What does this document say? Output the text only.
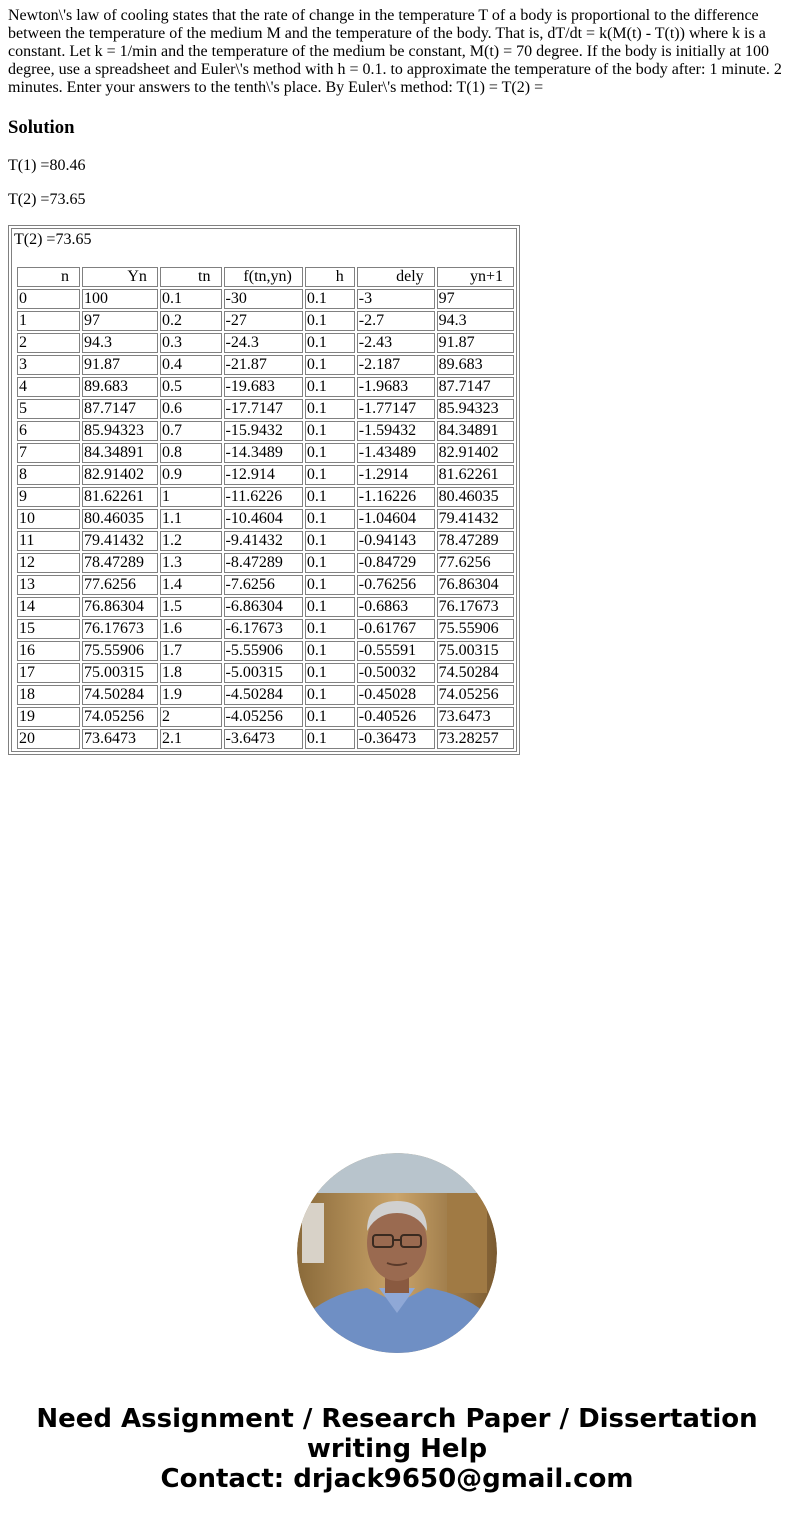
Newton\'s law of cooling states that the rate of change in the temperature T of a body is proportional to the difference between the temperature of the medium M and the temperature of the body. That is, dT/dt = k(M(t) - T(t)) where k is a constant. Let k = 1/min and the temperature of the medium be constant, M(t) = 70 degree. If the body is initially at 100 degree, use a spreadsheet and Euler\'s method with h = 0.1. to approximate the temperature of the body after: 1 minute. 2 minutes. Enter your answers to the tenth\'s place. By Euler\'s method: T(1) = T(2) =

Solution

T(1) =80.46

T(2) =73.65

T(2) =73.65
n	Yn	tn	f(tn,yn)	h	dely	yn+1
0	100	0.1	-30	0.1	-3	97
1	97	0.2	-27	0.1	-2.7	94.3
2	94.3	0.3	-24.3	0.1	-2.43	91.87
3	91.87	0.4	-21.87	0.1	-2.187	89.683
4	89.683	0.5	-19.683	0.1	-1.9683	87.7147
5	87.7147	0.6	-17.7147	0.1	-1.77147	85.94323
6	85.94323	0.7	-15.9432	0.1	-1.59432	84.34891
7	84.34891	0.8	-14.3489	0.1	-1.43489	82.91402
8	82.91402	0.9	-12.914	0.1	-1.2914	81.62261
9	81.62261	1	-11.6226	0.1	-1.16226	80.46035
10	80.46035	1.1	-10.4604	0.1	-1.04604	79.41432
11	79.41432	1.2	-9.41432	0.1	-0.94143	78.47289
12	78.47289	1.3	-8.47289	0.1	-0.84729	77.6256
13	77.6256	1.4	-7.6256	0.1	-0.76256	76.86304
14	76.86304	1.5	-6.86304	0.1	-0.6863	76.17673
15	76.17673	1.6	-6.17673	0.1	-0.61767	75.55906
16	75.55906	1.7	-5.55906	0.1	-0.55591	75.00315
17	75.00315	1.8	-5.00315	0.1	-0.50032	74.50284
18	74.50284	1.9	-4.50284	0.1	-0.45028	74.05256
19	74.05256	2	-4.05256	0.1	-0.40526	73.6473
20	73.6473	2.1	-3.6473	0.1	-0.36473	73.28257
Need Assignment / Research Paper / Dissertation
writing Help
Contact: drjack9650@gmail.com
